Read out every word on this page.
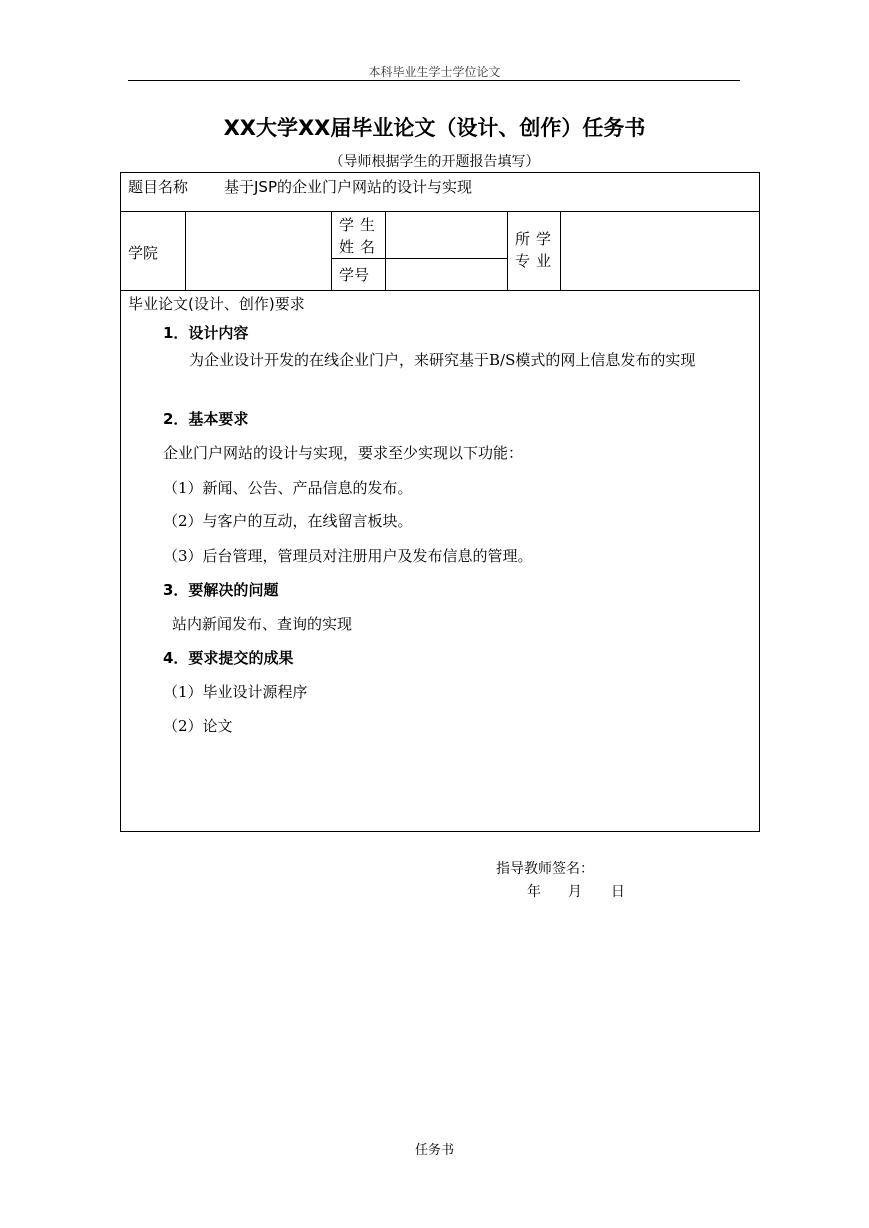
本科毕业生学士学位论文
XX大学XX届毕业论文（设计、创作）任务书
（导师根据学生的开题报告填写）
题目名称 基于JSP的企业门户网站的设计与实现
学院
学生姓名
学号
所学专业
毕业论文(设计、创作)要求
1．设计内容
为企业设计开发的在线企业门户，来研究基于B/S模式的网上信息发布的实现
2．基本要求
企业门户网站的设计与实现，要求至少实现以下功能：
（1）新闻、公告、产品信息的发布。
（2）与客户的互动，在线留言板块。
（3）后台管理，管理员对注册用户及发布信息的管理。
3．要解决的问题
站内新闻发布、查询的实现
4．要求提交的成果
（1）毕业设计源程序
（2）论文
指导教师签名：
年 月 日
任务书
